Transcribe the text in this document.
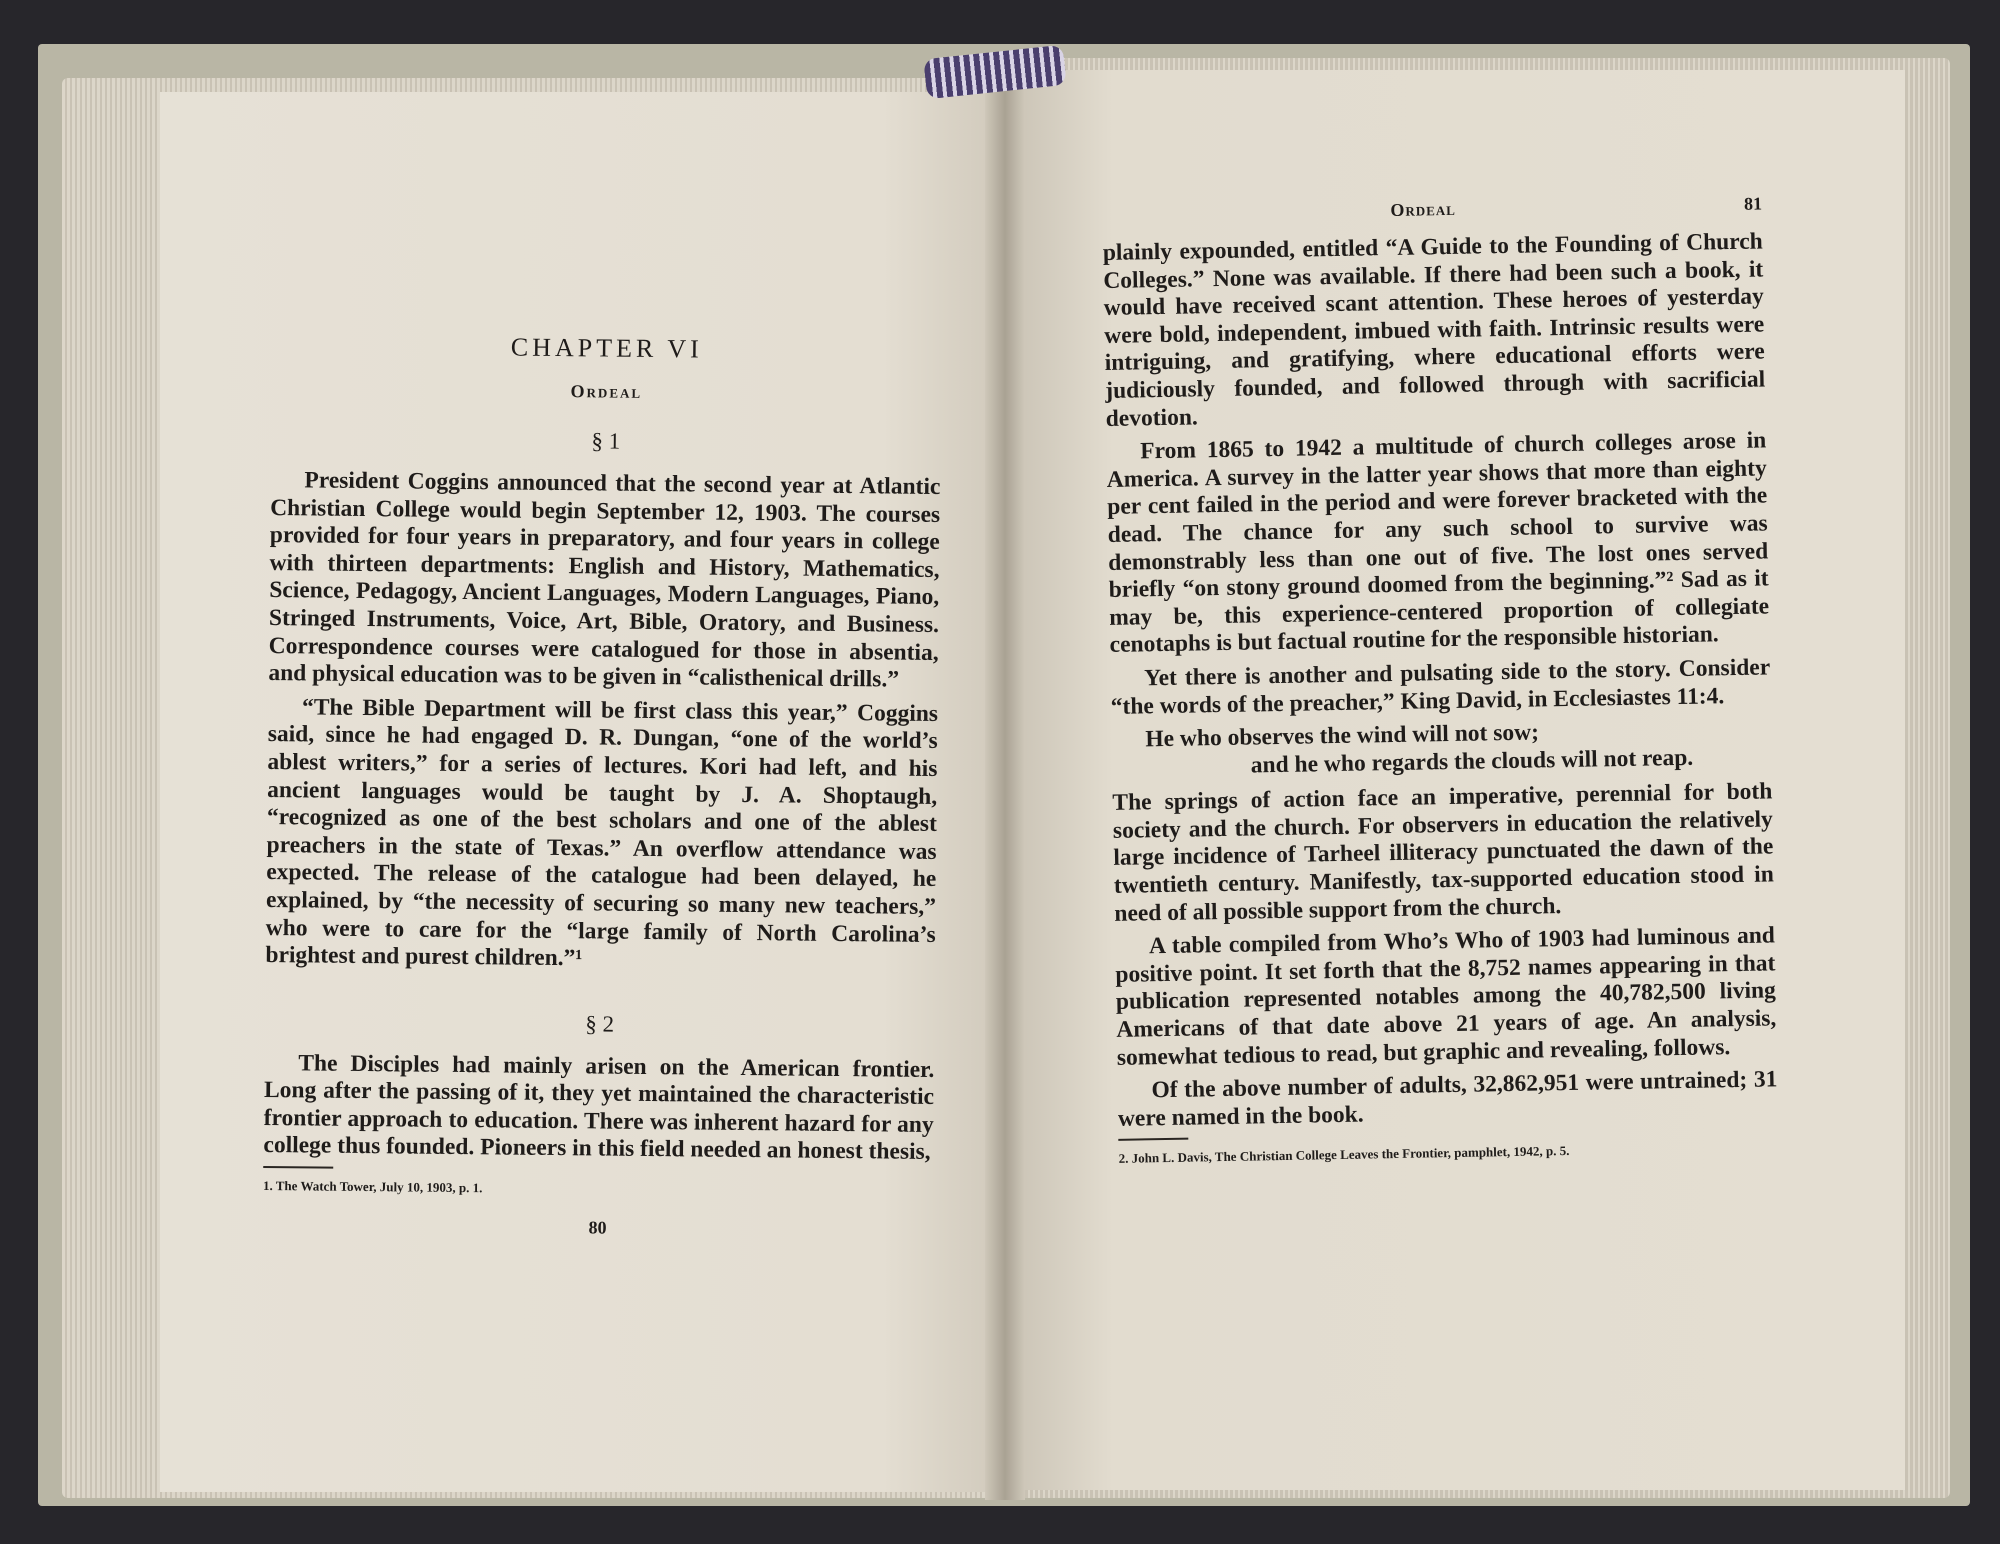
CHAPTER VI
Ordeal
§ 1

President Coggins announced that the second year at Atlantic Christian College would begin September 12, 1903. The courses provided for four years in preparatory, and four years in college with thirteen departments: English and History, Mathematics, Science, Pedagogy, Ancient Languages, Modern Languages, Piano, Stringed Instruments, Voice, Art, Bible, Oratory, and Business. Correspondence courses were catalogued for those in absentia, and physical education was to be given in “calisthenical drills.”

“The Bible Department will be first class this year,” Coggins said, since he had engaged D. R. Dungan, “one of the world’s ablest writers,” for a series of lectures. Kori had left, and his ancient languages would be taught by J. A. Shoptaugh, “recognized as one of the best scholars and one of the ablest preachers in the state of Texas.” An overflow attendance was expected. The release of the catalogue had been delayed, he explained, by “the necessity of securing so many new teachers,” who were to care for the “large family of North Carolina’s brightest and purest children.”¹

§ 2

The Disciples had mainly arisen on the American frontier. Long after the passing of it, they yet maintained the characteristic frontier approach to education. There was inherent hazard for any college thus founded. Pioneers in this field needed an honest thesis,

1. The Watch Tower, July 10, 1903, p. 1.

80
Ordeal	81

plainly expounded, entitled “A Guide to the Founding of Church Colleges.” None was available. If there had been such a book, it would have received scant attention. These heroes of yesterday were bold, independent, imbued with faith. Intrinsic results were intriguing, and gratifying, where educational efforts were judiciously founded, and followed through with sacrificial devotion.

From 1865 to 1942 a multitude of church colleges arose in America. A survey in the latter year shows that more than eighty per cent failed in the period and were forever bracketed with the dead. The chance for any such school to survive was demonstrably less than one out of five. The lost ones served briefly “on stony ground doomed from the beginning.”² Sad as it may be, this experience-centered proportion of collegiate cenotaphs is but factual routine for the responsible historian.

Yet there is another and pulsating side to the story. Consider “the words of the preacher,” King David, in Ecclesiastes 11:4.

He who observes the wind will not sow;

and he who regards the clouds will not reap.

The springs of action face an imperative, perennial for both society and the church. For observers in education the relatively large incidence of Tarheel illiteracy punctuated the dawn of the twentieth century. Manifestly, tax-supported education stood in need of all possible support from the church.

A table compiled from Who’s Who of 1903 had luminous and positive point. It set forth that the 8,752 names appearing in that publication represented notables among the 40,782,500 living Americans of that date above 21 years of age. An analysis, somewhat tedious to read, but graphic and revealing, follows.

Of the above number of adults, 32,862,951 were untrained; 31 were named in the book.

2. John L. Davis, The Christian College Leaves the Frontier, pamphlet, 1942, p. 5.
